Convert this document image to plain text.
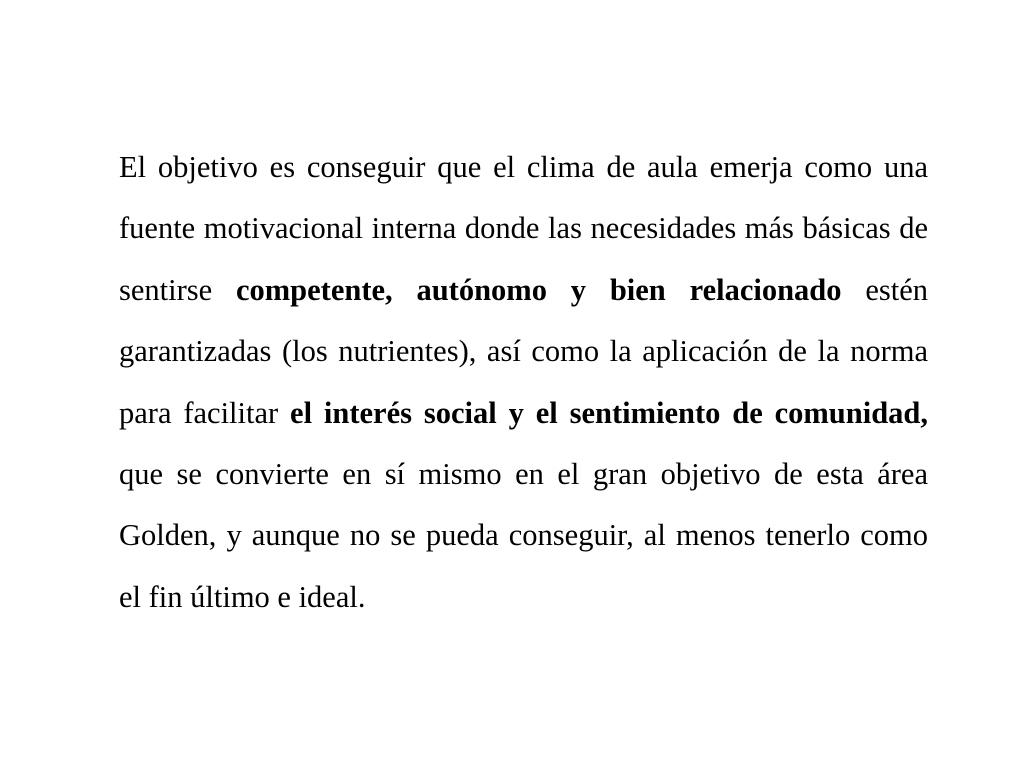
El objetivo es conseguir que el clima de aula emerja como una fuente motivacional interna donde las necesidades más básicas de sentirse competente, autónomo y bien relacionado estén garantizadas (los nutrientes), así como la aplicación de la norma para facilitar el interés social y el sentimiento de comunidad, que se convierte en sí mismo en el gran objetivo de esta área Golden, y aunque no se pueda conseguir, al menos tenerlo como el fin último e ideal.
